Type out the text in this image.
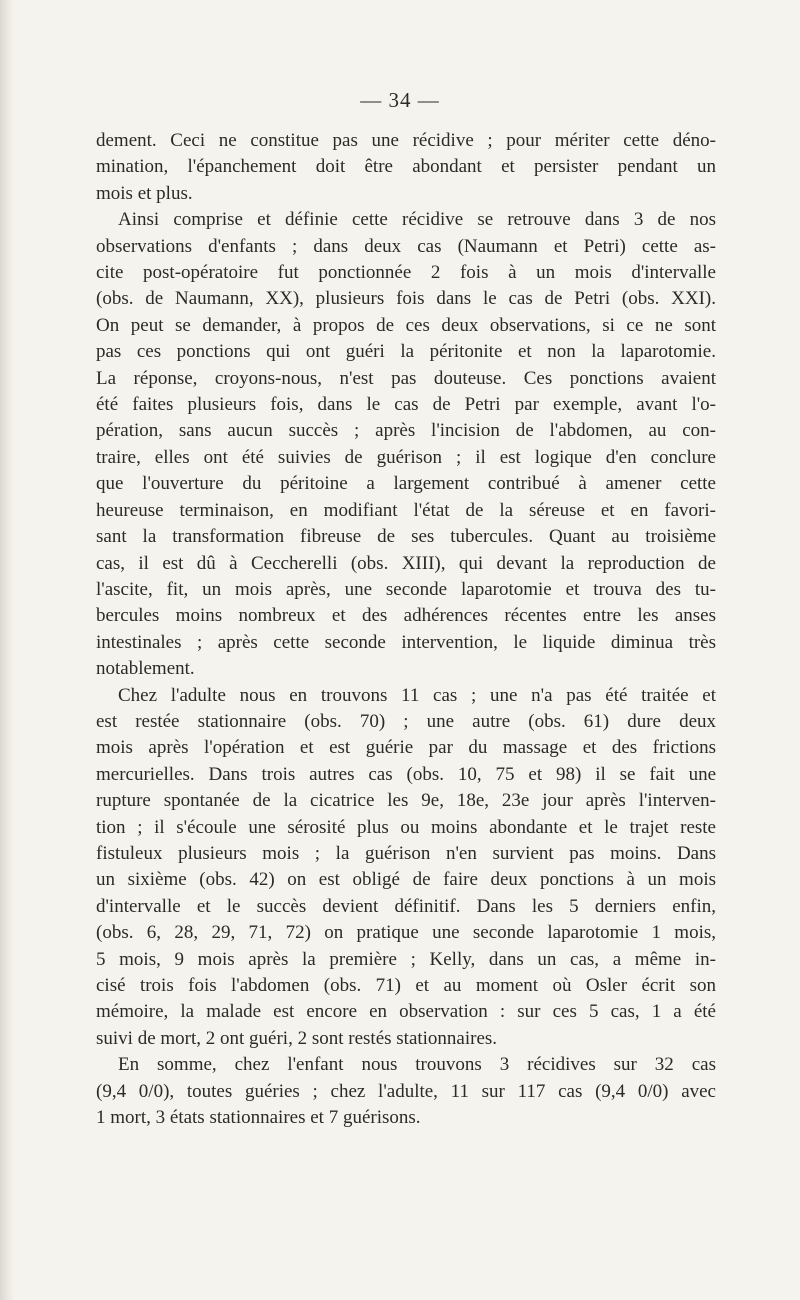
— 34 —
dement. Ceci ne constitue pas une récidive ; pour mériter cette déno-
mination, l'épanchement doit être abondant et persister pendant un
mois et plus.
Ainsi comprise et définie cette récidive se retrouve dans 3 de nos
observations d'enfants ; dans deux cas (Naumann et Petri) cette as-
cite post-opératoire fut ponctionnée 2 fois à un mois d'intervalle
(obs. de Naumann, XX), plusieurs fois dans le cas de Petri (obs. XXI).
On peut se demander, à propos de ces deux observations, si ce ne sont
pas ces ponctions qui ont guéri la péritonite et non la laparotomie.
La réponse, croyons-nous, n'est pas douteuse. Ces ponctions avaient
été faites plusieurs fois, dans le cas de Petri par exemple, avant l'o-
pération, sans aucun succès ; après l'incision de l'abdomen, au con-
traire, elles ont été suivies de guérison ; il est logique d'en conclure
que l'ouverture du péritoine a largement contribué à amener cette
heureuse terminaison, en modifiant l'état de la séreuse et en favori-
sant la transformation fibreuse de ses tubercules. Quant au troisième
cas, il est dû à Ceccherelli (obs. XIII), qui devant la reproduction de
l'ascite, fit, un mois après, une seconde laparotomie et trouva des tu-
bercules moins nombreux et des adhérences récentes entre les anses
intestinales ; après cette seconde intervention, le liquide diminua très
notablement.
Chez l'adulte nous en trouvons 11 cas ; une n'a pas été traitée et
est restée stationnaire (obs. 70) ; une autre (obs. 61) dure deux
mois après l'opération et est guérie par du massage et des frictions
mercurielles. Dans trois autres cas (obs. 10, 75 et 98) il se fait une
rupture spontanée de la cicatrice les 9e, 18e, 23e jour après l'interven-
tion ; il s'écoule une sérosité plus ou moins abondante et le trajet reste
fistuleux plusieurs mois ; la guérison n'en survient pas moins. Dans
un sixième (obs. 42) on est obligé de faire deux ponctions à un mois
d'intervalle et le succès devient définitif. Dans les 5 derniers enfin,
(obs. 6, 28, 29, 71, 72) on pratique une seconde laparotomie 1 mois,
5 mois, 9 mois après la première ; Kelly, dans un cas, a même in-
cisé trois fois l'abdomen (obs. 71) et au moment où Osler écrit son
mémoire, la malade est encore en observation : sur ces 5 cas, 1 a été
suivi de mort, 2 ont guéri, 2 sont restés stationnaires.
En somme, chez l'enfant nous trouvons 3 récidives sur 32 cas
(9,4 0/0), toutes guéries ; chez l'adulte, 11 sur 117 cas (9,4 0/0) avec
1 mort, 3 états stationnaires et 7 guérisons.
